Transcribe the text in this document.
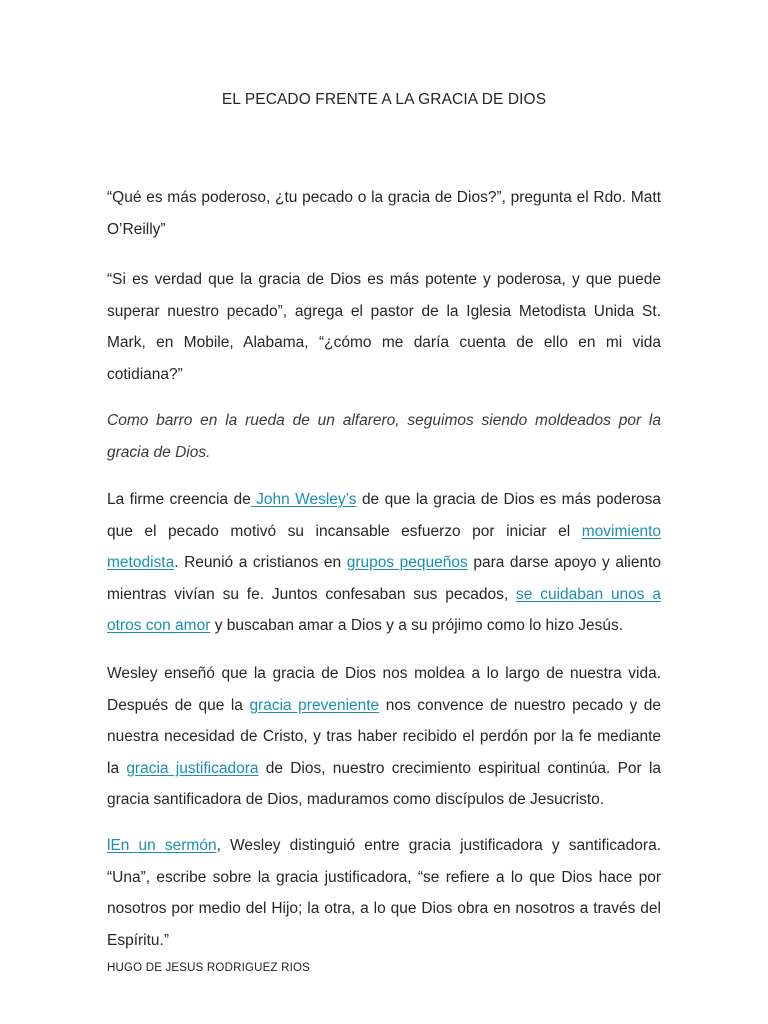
EL PECADO FRENTE A LA GRACIA DE DIOS

“Qué es más poderoso, ¿tu pecado o la gracia de Dios?”, pregunta el Rdo. Matt O’Reilly”

“Si es verdad que la gracia de Dios es más potente y poderosa, y que puede superar nuestro pecado”, agrega el pastor de la Iglesia Metodista Unida St. Mark, en Mobile, Alabama, “¿cómo me daría cuenta de ello en mi vida cotidiana?”

Como barro en la rueda de un alfarero, seguimos siendo moldeados por la gracia de Dios.

La firme creencia de John Wesley’s de que la gracia de Dios es más poderosa que el pecado motivó su incansable esfuerzo por iniciar el movimiento metodista. Reunió a cristianos en grupos pequeños para darse apoyo y aliento mientras vivían su fe. Juntos confesaban sus pecados, se cuidaban unos a otros con amor y buscaban amar a Dios y a su prójimo como lo hizo Jesús.

Wesley enseñó que la gracia de Dios nos moldea a lo largo de nuestra vida. Después de que la gracia preveniente nos convence de nuestro pecado y de nuestra necesidad de Cristo, y tras haber recibido el perdón por la fe mediante la gracia justificadora de Dios, nuestro crecimiento espiritual continúa. Por la gracia santificadora de Dios, maduramos como discípulos de Jesucristo.

lEn un sermón, Wesley distinguió entre gracia justificadora y santificadora. “Una”, escribe sobre la gracia justificadora, “se refiere a lo que Dios hace por nosotros por medio del Hijo; la otra, a lo que Dios obra en nosotros a través del Espíritu.”

HUGO DE JESUS RODRIGUEZ RIOS
